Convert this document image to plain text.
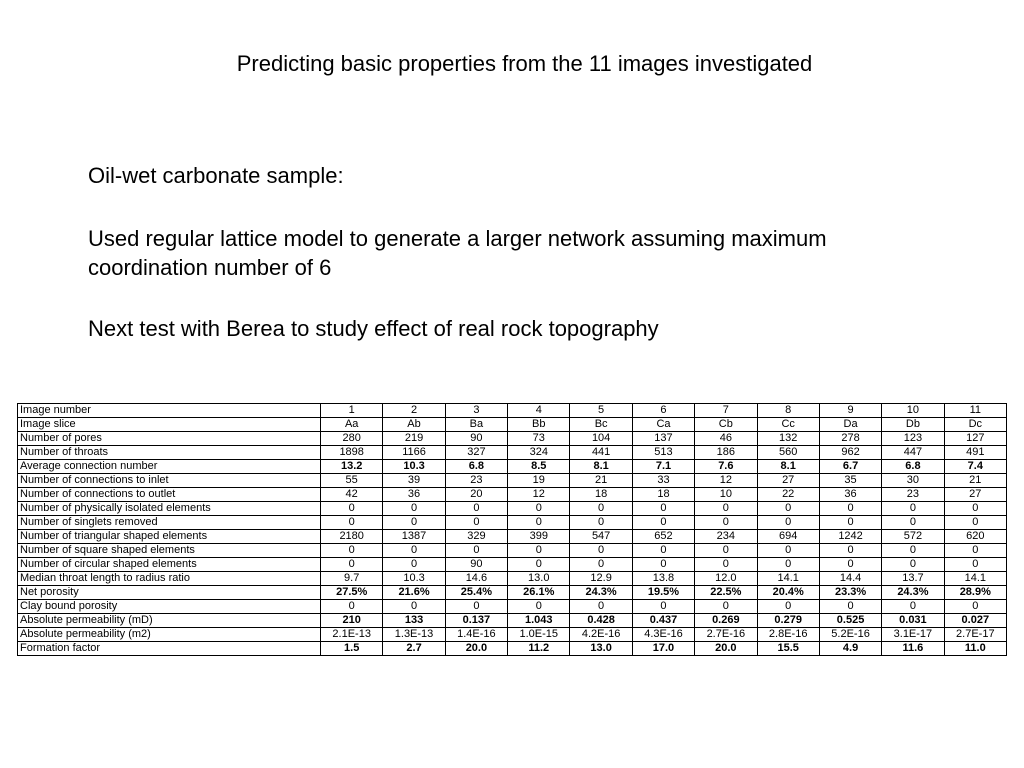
Predicting basic properties from the 11 images investigated
Oil-wet carbonate sample:
Used regular lattice model to generate a larger network assuming maximum coordination number of 6
Next test with Berea to study effect of real rock topography
Image number	1	2	3	4	5	6	7	8	9	10	11
Image slice	Aa	Ab	Ba	Bb	Bc	Ca	Cb	Cc	Da	Db	Dc
Number of pores	280	219	90	73	104	137	46	132	278	123	127
Number of throats	1898	1166	327	324	441	513	186	560	962	447	491
Average connection number	13.2	10.3	6.8	8.5	8.1	7.1	7.6	8.1	6.7	6.8	7.4
Number of connections to inlet	55	39	23	19	21	33	12	27	35	30	21
Number of connections to outlet	42	36	20	12	18	18	10	22	36	23	27
Number of physically isolated elements	0	0	0	0	0	0	0	0	0	0	0
Number of singlets removed	0	0	0	0	0	0	0	0	0	0	0
Number of triangular shaped elements	2180	1387	329	399	547	652	234	694	1242	572	620
Number of square shaped elements	0	0	0	0	0	0	0	0	0	0	0
Number of circular shaped elements	0	0	90	0	0	0	0	0	0	0	0
Median throat length to radius ratio	9.7	10.3	14.6	13.0	12.9	13.8	12.0	14.1	14.4	13.7	14.1
Net porosity	27.5%	21.6%	25.4%	26.1%	24.3%	19.5%	22.5%	20.4%	23.3%	24.3%	28.9%
Clay bound porosity	0	0	0	0	0	0	0	0	0	0	0
Absolute permeability (mD)	210	133	0.137	1.043	0.428	0.437	0.269	0.279	0.525	0.031	0.027
Absolute permeability (m2)	2.1E-13	1.3E-13	1.4E-16	1.0E-15	4.2E-16	4.3E-16	2.7E-16	2.8E-16	5.2E-16	3.1E-17	2.7E-17
Formation factor	1.5	2.7	20.0	11.2	13.0	17.0	20.0	15.5	4.9	11.6	11.0
